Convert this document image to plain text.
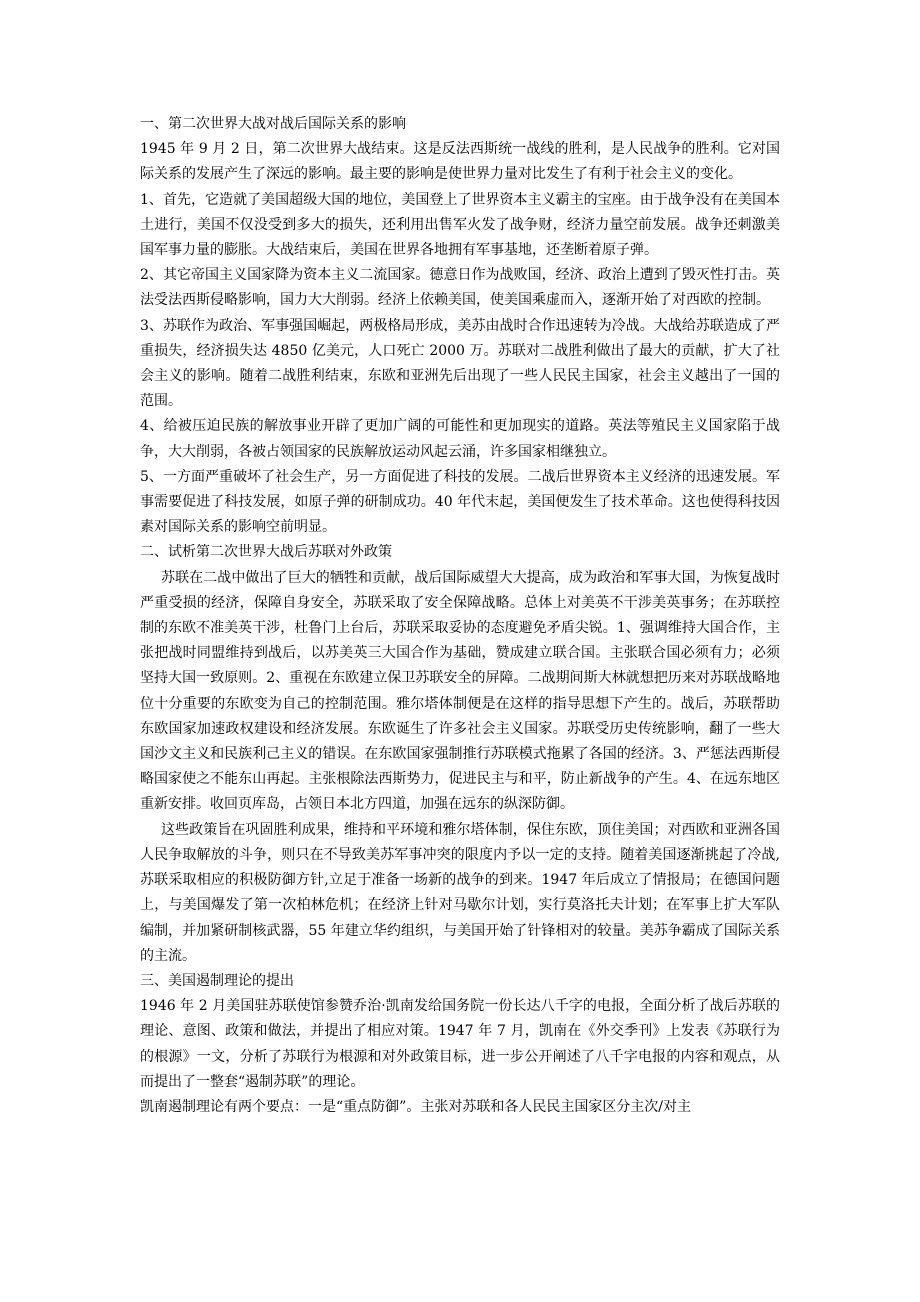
一、第二次世界大战对战后国际关系的影响

1945 年 9 月 2 日，第二次世界大战结束。这是反法西斯统一战线的胜利，是人民战争的胜利。它对国际关系的发展产生了深远的影响。最主要的影响是使世界力量对比发生了有利于社会主义的变化。

1、首先，它造就了美国超级大国的地位，美国登上了世界资本主义霸主的宝座。由于战争没有在美国本土进行，美国不仅没受到多大的损失，还利用出售军火发了战争财，经济力量空前发展。战争还刺激美国军事力量的膨胀。大战结束后，美国在世界各地拥有军事基地，还垄断着原子弹。

2、其它帝国主义国家降为资本主义二流国家。德意日作为战败国，经济、政治上遭到了毁灭性打击。英法受法西斯侵略影响，国力大大削弱。经济上依赖美国，使美国乘虚而入，逐渐开始了对西欧的控制。

3、苏联作为政治、军事强国崛起，两极格局形成，美苏由战时合作迅速转为冷战。大战给苏联造成了严重损失，经济损失达 4850 亿美元，人口死亡 2000 万。苏联对二战胜利做出了最大的贡献，扩大了社会主义的影响。随着二战胜利结束，东欧和亚洲先后出现了一些人民民主国家，社会主义越出了一国的范围。

4、给被压迫民族的解放事业开辟了更加广阔的可能性和更加现实的道路。英法等殖民主义国家陷于战争，大大削弱，各被占领国家的民族解放运动风起云涌，许多国家相继独立。

5、一方面严重破坏了社会生产，另一方面促进了科技的发展。二战后世界资本主义经济的迅速发展。军事需要促进了科技发展，如原子弹的研制成功。40 年代末起，美国便发生了技术革命。这也使得科技因素对国际关系的影响空前明显。

二、试析第二次世界大战后苏联对外政策

苏联在二战中做出了巨大的牺牲和贡献，战后国际威望大大提高，成为政治和军事大国，为恢复战时严重受损的经济，保障自身安全，苏联采取了安全保障战略。总体上对美英不干涉美英事务；在苏联控制的东欧不准美英干涉，杜鲁门上台后，苏联采取妥协的态度避免矛盾尖锐。1、强调维持大国合作，主张把战时同盟维持到战后，以苏美英三大国合作为基础，赞成建立联合国。主张联合国必须有力；必须坚持大国一致原则。2、重视在东欧建立保卫苏联安全的屏障。二战期间斯大林就想把历来对苏联战略地位十分重要的东欧变为自己的控制范围。雅尔塔体制便是在这样的指导思想下产生的。战后，苏联帮助东欧国家加速政权建设和经济发展。东欧诞生了许多社会主义国家。苏联受历史传统影响，翻了一些大国沙文主义和民族利己主义的错误。在东欧国家强制推行苏联模式拖累了各国的经济。3、严惩法西斯侵略国家使之不能东山再起。主张根除法西斯势力，促进民主与和平，防止新战争的产生。4、在远东地区重新安排。收回页库岛，占领日本北方四道，加强在远东的纵深防御。

这些政策旨在巩固胜利成果，维持和平环境和雅尔塔体制，保住东欧，顶住美国；对西欧和亚洲各国人民争取解放的斗争，则只在不导致美苏军事冲突的限度内予以一定的支持。随着美国逐渐挑起了冷战,苏联采取相应的积极防御方针,立足于准备一场新的战争的到来。1947 年后成立了情报局；在德国问题上，与美国爆发了第一次柏林危机；在经济上针对马歇尔计划，实行莫洛托夫计划；在军事上扩大军队编制，并加紧研制核武器，55 年建立华约组织，与美国开始了针锋相对的较量。美苏争霸成了国际关系的主流。

三、美国遏制理论的提出

1946 年 2 月美国驻苏联使馆参赞乔治·凯南发给国务院一份长达八千字的电报，全面分析了战后苏联的理论、意图、政策和做法，并提出了相应对策。1947 年 7 月，凯南在《外交季刊》上发表《苏联行为的根源》一文，分析了苏联行为根源和对外政策目标，进一步公开阐述了八千字电报的内容和观点，从而提出了一整套“遏制苏联”的理论。

凯南遏制理论有两个要点：一是“重点防御”。主张对苏联和各人民民主国家区分主次/对主
